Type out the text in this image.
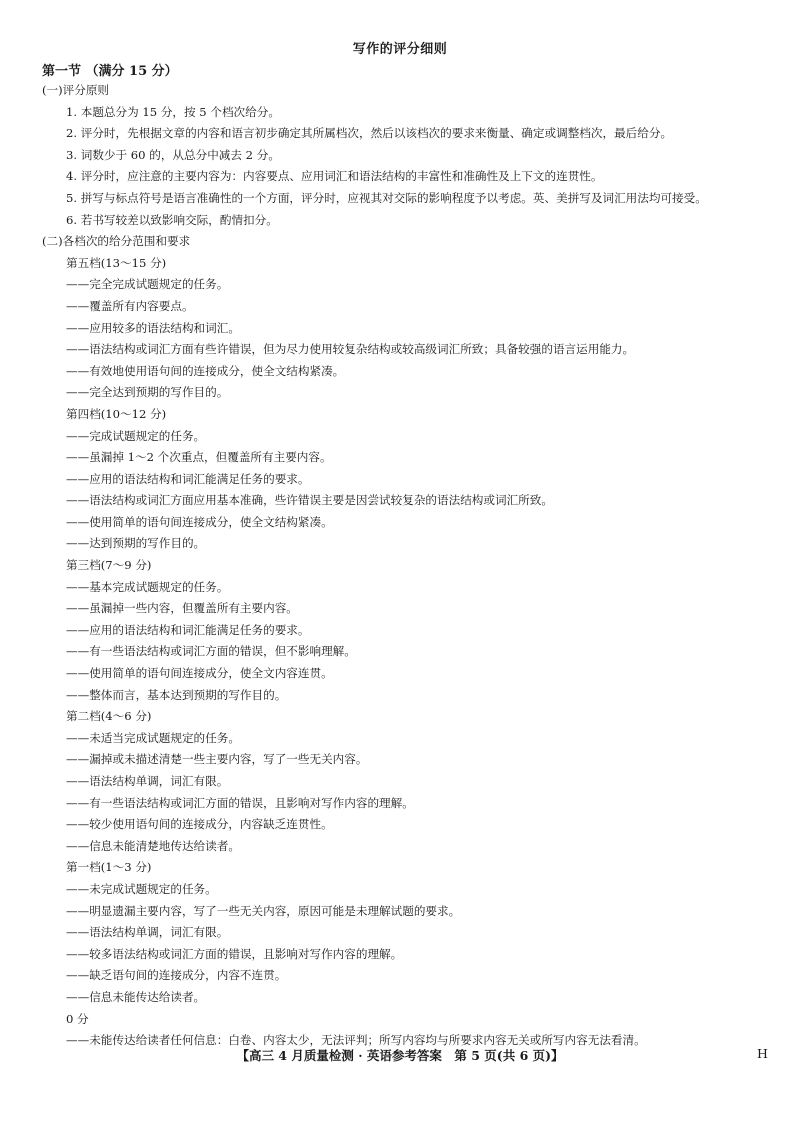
写作的评分细则
第一节 （满分 15 分）
(一)评分原则
1. 本题总分为 15 分，按 5 个档次给分。
2. 评分时，先根据文章的内容和语言初步确定其所属档次，然后以该档次的要求来衡量、确定或调整档次，最后给分。
3. 词数少于 60 的，从总分中减去 2 分。
4. 评分时，应注意的主要内容为：内容要点、应用词汇和语法结构的丰富性和准确性及上下文的连贯性。
5. 拼写与标点符号是语言准确性的一个方面，评分时，应视其对交际的影响程度予以考虑。英、美拼写及词汇用法均可接受。
6. 若书写较差以致影响交际，酌情扣分。
(二)各档次的给分范围和要求
第五档(13～15 分)
——完全完成试题规定的任务。
——覆盖所有内容要点。
——应用较多的语法结构和词汇。
——语法结构或词汇方面有些许错误，但为尽力使用较复杂结构或较高级词汇所致；具备较强的语言运用能力。
——有效地使用语句间的连接成分，使全文结构紧凑。
——完全达到预期的写作目的。
第四档(10～12 分)
——完成试题规定的任务。
——虽漏掉 1～2 个次重点，但覆盖所有主要内容。
——应用的语法结构和词汇能满足任务的要求。
——语法结构或词汇方面应用基本准确，些许错误主要是因尝试较复杂的语法结构或词汇所致。
——使用简单的语句间连接成分，使全文结构紧凑。
——达到预期的写作目的。
第三档(7～9 分)
——基本完成试题规定的任务。
——虽漏掉一些内容，但覆盖所有主要内容。
——应用的语法结构和词汇能满足任务的要求。
——有一些语法结构或词汇方面的错误，但不影响理解。
——使用简单的语句间连接成分，使全文内容连贯。
——整体而言，基本达到预期的写作目的。
第二档(4～6 分)
——未适当完成试题规定的任务。
——漏掉或未描述清楚一些主要内容，写了一些无关内容。
——语法结构单调，词汇有限。
——有一些语法结构或词汇方面的错误，且影响对写作内容的理解。
——较少使用语句间的连接成分，内容缺乏连贯性。
——信息未能清楚地传达给读者。
第一档(1～3 分)
——未完成试题规定的任务。
——明显遗漏主要内容，写了一些无关内容，原因可能是未理解试题的要求。
——语法结构单调，词汇有限。
——较多语法结构或词汇方面的错误，且影响对写作内容的理解。
——缺乏语句间的连接成分，内容不连贯。
——信息未能传达给读者。
0 分
——未能传达给读者任何信息：白卷、内容太少，无法评判；所写内容均与所要求内容无关或所写内容无法看清。
【高三 4 月质量检测 · 英语参考答案　第 5 页(共 6 页)】	H
